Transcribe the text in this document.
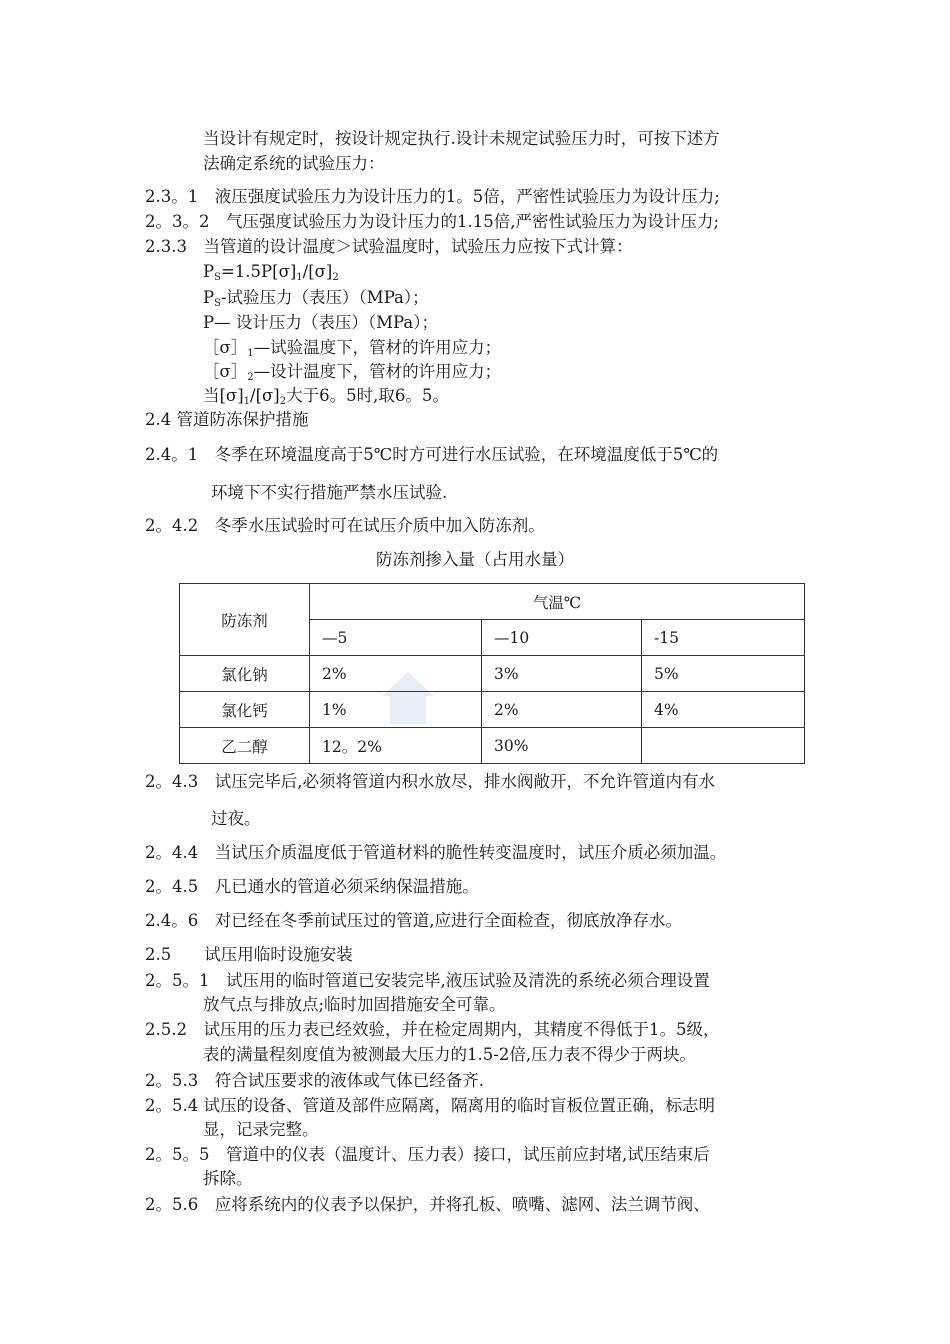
当设计有规定时，按设计规定执行.设计未规定试验压力时，可按下述方
法确定系统的试验压力：
2.3。1　液压强度试验压力为设计压力的1。5倍，严密性试验压力为设计压力;
2。3。2　气压强度试验压力为设计压力的1.15倍,严密性试验压力为设计压力;
2.3.3　当管道的设计温度＞试验温度时，试验压力应按下式计算：
$P_S=1.5P[\sigma]_1/[\sigma]_2$
$P_S-$试验压力（表压）（MPa）；
P— 设计压力（表压）（MPa）；
$[\sigma]_1—$试验温度下，管材的许用应力；
$[\sigma]_2—$设计温度下，管材的许用应力；
当$[\sigma]_1/[\sigma]_2$大于6。5时,取6。5。
2.4 管道防冻保护措施
2.4。1　冬季在环境温度高于5℃时方可进行水压试验，在环境温度低于5℃的
环境下不实行措施严禁水压试验.
2。4.2　冬季水压试验时可在试压介质中加入防冻剂。
防冻剂掺入量（占用水量）
防冻剂	气温℃		
	—5	—10	-15
氯化钠	2%	3%	5%
氯化钙	1%	2%	4%
乙二醇	12。2%	30%	
2。4.3　试压完毕后,必须将管道内积水放尽，排水阀敞开，不允许管道内有水
过夜。
2。4.4　当试压介质温度低于管道材料的脆性转变温度时，试压介质必须加温。
2。4.5　凡已通水的管道必须采纳保温措施。
2.4。6　对已经在冬季前试压过的管道,应进行全面检查，彻底放净存水。
2.5　　试压用临时设施安装
2。5。1　试压用的临时管道已安装完毕,液压试验及清洗的系统必须合理设置
放气点与排放点;临时加固措施安全可靠。
2.5.2　试压用的压力表已经效验，并在检定周期内，其精度不得低于1。5级，
表的满量程刻度值为被测最大压力的1.5-2倍,压力表不得少于两块。
2。5.3　符合试压要求的液体或气体已经备齐.
2。5.4 试压的设备、管道及部件应隔离，隔离用的临时盲板位置正确，标志明
显，记录完整。
2。5。5　管道中的仪表（温度计、压力表）接口，试压前应封堵,试压结束后
拆除。
2。5.6　应将系统内的仪表予以保护，并将孔板、喷嘴、滤网、法兰调节阀、
